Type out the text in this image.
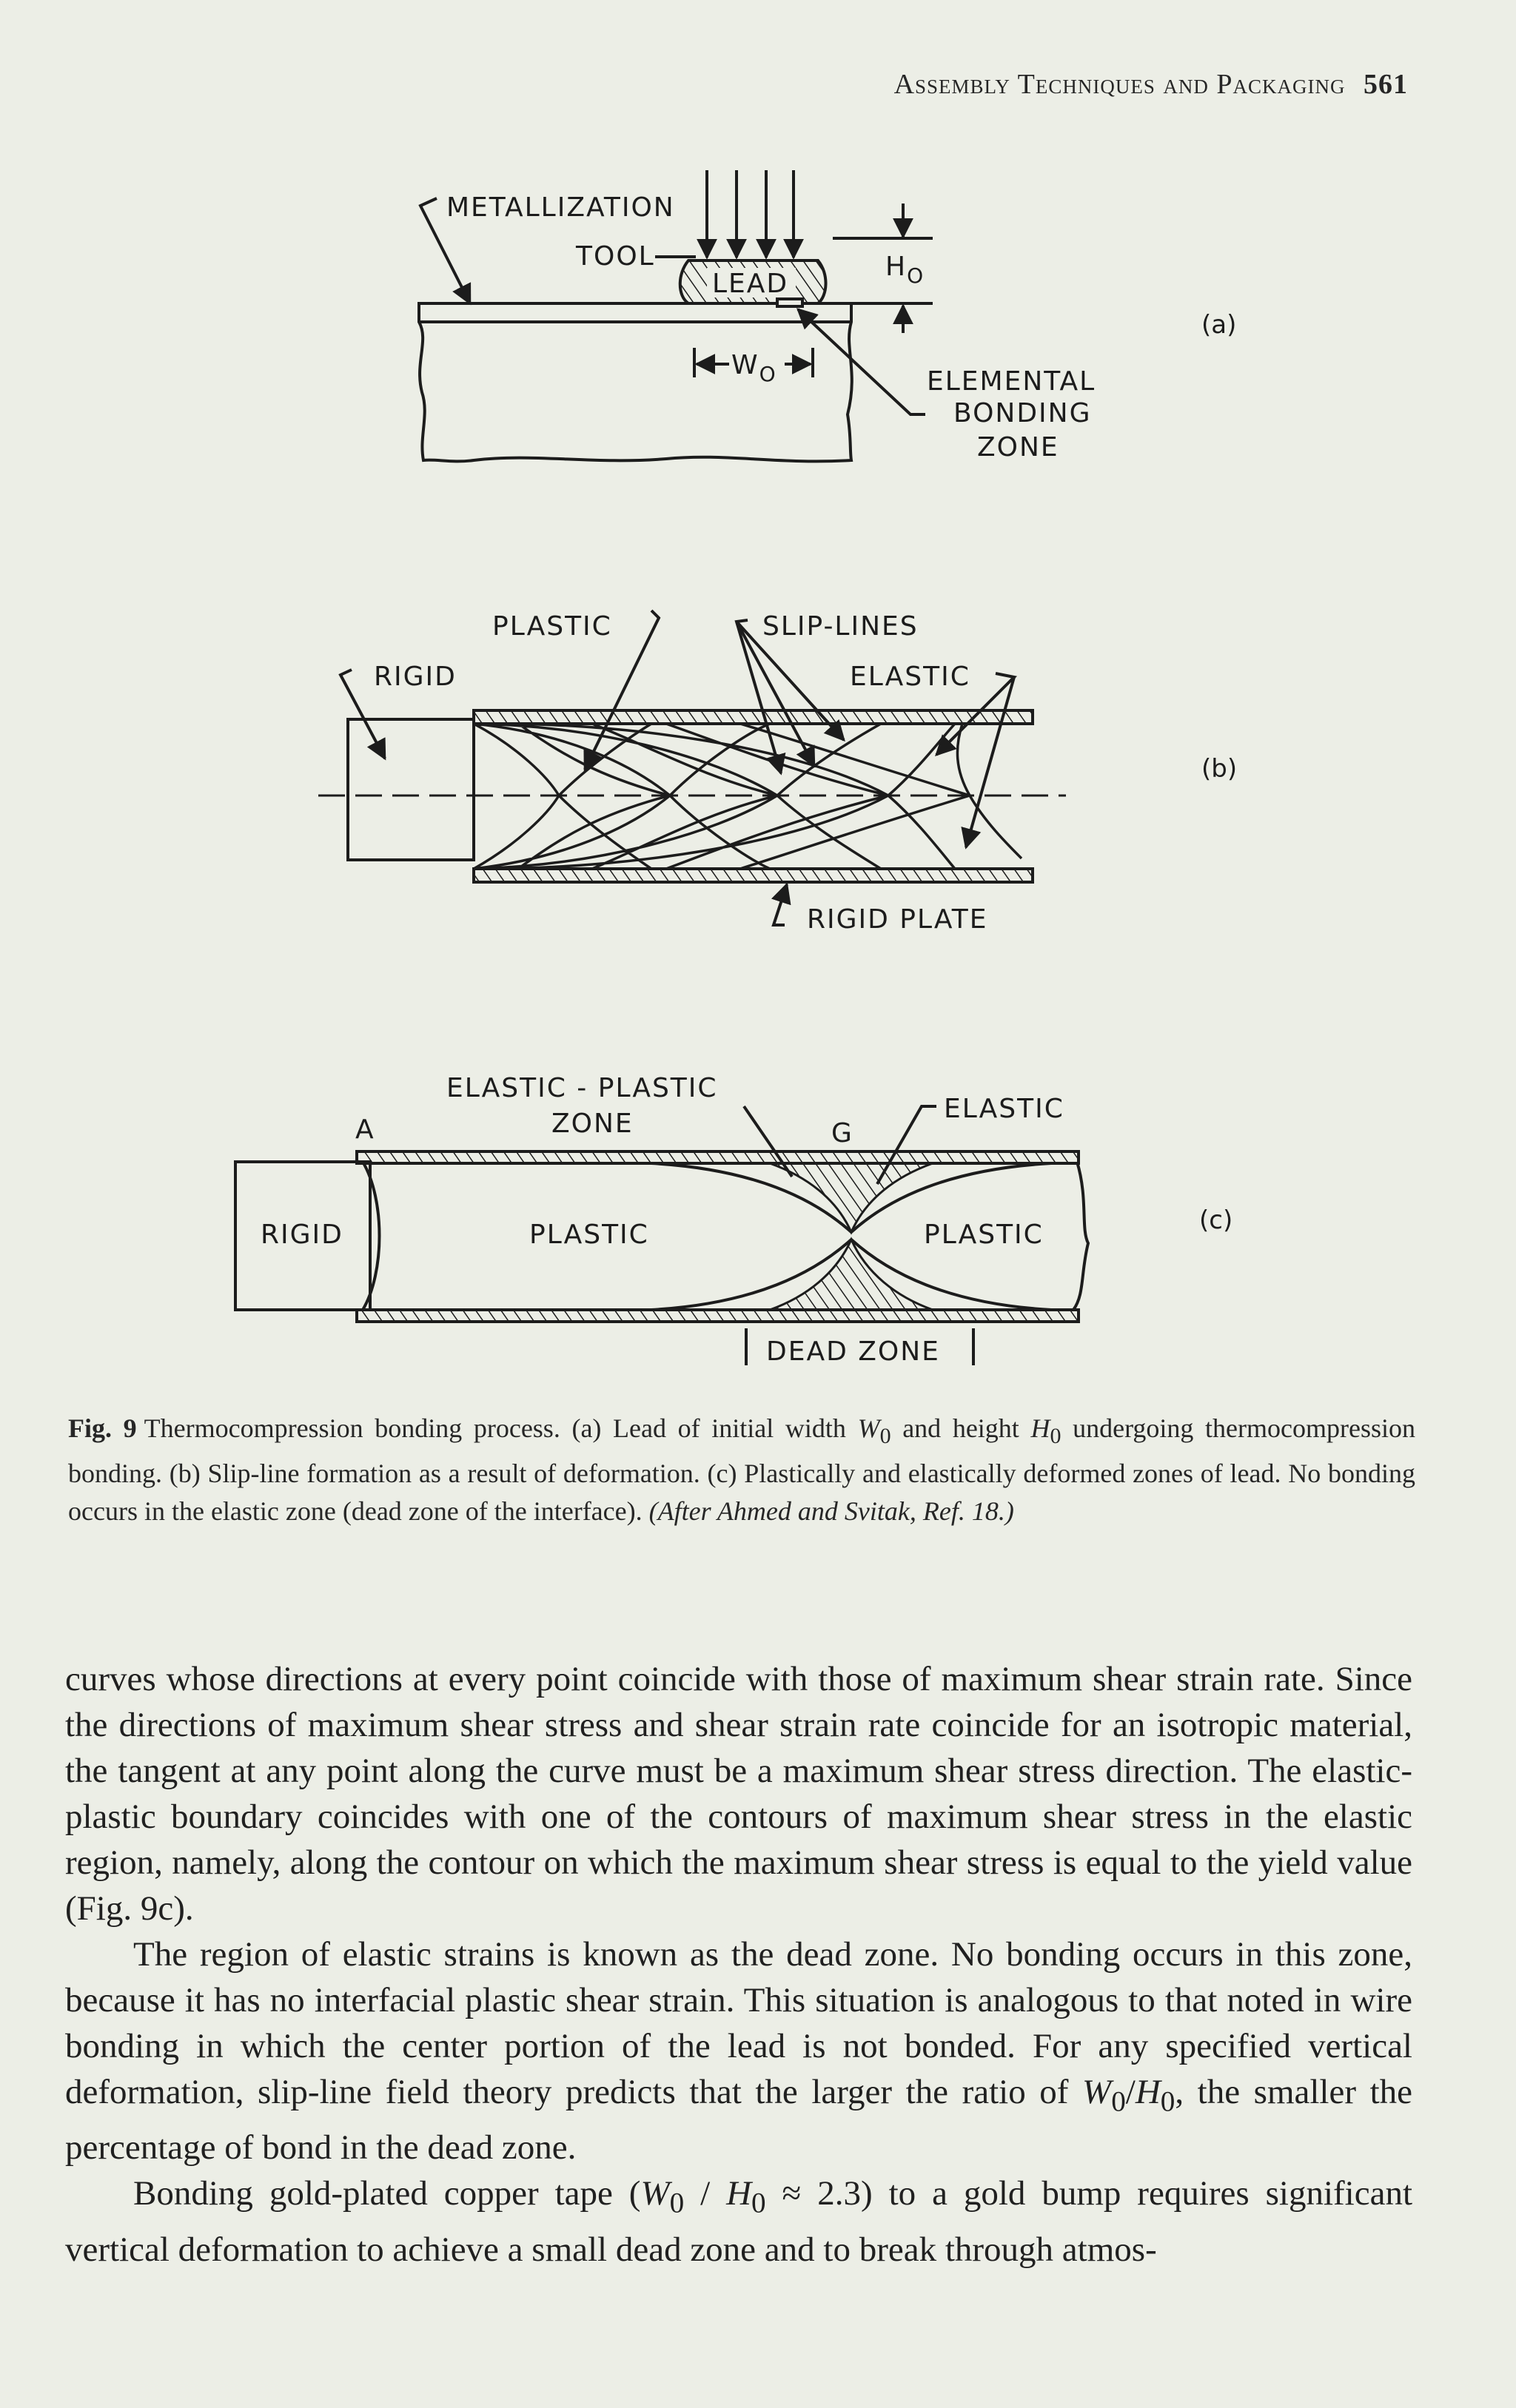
Assembly Techniques and Packaging 561
METALLIZATION
TOOL
LEAD
$H_O$
$W_O$	ELEMENTAL
BONDING
ZONE
(a)
PLASTIC	SLIP-LINES
RIGID	ELASTIC
RIGID PLATE
(b)
ELASTIC - PLASTIC
ZONE
A	G
ELASTIC
RIGID	PLASTIC	PLASTIC
DEAD ZONE
(c)
Fig. 9 Thermocompression bonding process. (a) Lead of initial width $W_0$ and height $H_0$ undergoing thermocompression bonding. (b) Slip-line formation as a result of deformation. (c) Plastically and elastically deformed zones of lead. No bonding occurs in the elastic zone (dead zone of the interface). (After Ahmed and Svitak, Ref. 18.)

curves whose directions at every point coincide with those of maximum shear strain rate. Since the directions of maximum shear stress and shear strain rate coincide for an isotropic material, the tangent at any point along the curve must be a maximum shear stress direction. The elastic-plastic boundary coincides with one of the contours of maximum shear stress in the elastic region, namely, along the contour on which the maximum shear stress is equal to the yield value (Fig. 9c).

The region of elastic strains is known as the dead zone. No bonding occurs in this zone, because it has no interfacial plastic shear strain. This situation is analogous to that noted in wire bonding in which the center portion of the lead is not bonded. For any specified vertical deformation, slip-line field theory predicts that the larger the ratio of $W_0/H_0$, the smaller the percentage of bond in the dead zone.

Bonding gold-plated copper tape $(W_0 / H_0 \approx 2.3)$ to a gold bump requires significant vertical deformation to achieve a small dead zone and to break through atmos-
